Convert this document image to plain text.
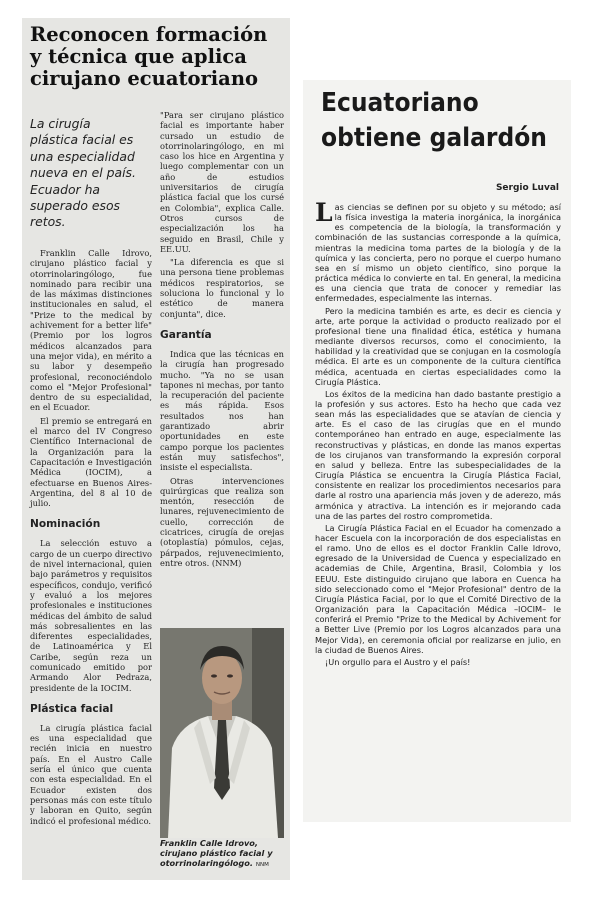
Reconocen formación
y técnica que aplica
cirujano ecuatoriano
La cirugía
plástica facial es
una especialidad
nueva en el país.
Ecuador ha
superado esos
retos.

Franklin Calle Idrovo, cirujano plástico facial y otorrinolaringólogo, fue nominado para recibir una de las máximas distinciones institucionales en salud, el "Prize to the medical by achivement for a better life" (Premio por los logros médicos alcanzados para una mejor vida), en mérito a su labor y desempeño profesional, reconociéndolo como el "Mejor Profesional" dentro de su especialidad, en el Ecuador.

El premio se entregará en el marco del IV Congreso Científico Internacional de la Organización para la Capacitación e Investigación Médica (IOCIM), a efectuarse en Buenos Aires- Argentina, del 8 al 10 de julio.

Nominación

La selección estuvo a cargo de un cuerpo directivo de nivel internacional, quien bajo parámetros y requisitos específicos, condujo, verificó y evaluó a los mejores profesionales e instituciones médicas del ámbito de salud más sobresalientes en las diferentes especialidades, de Latinoamérica y El Caribe, según reza un comunicado emitido por Armando Alor Pedraza, presidente de la IOCIM.

Plástica facial

La cirugía plástica facial es una especialidad que recién inicia en nuestro país. En el Austro Calle sería el único que cuenta con esta especialidad. En el Ecuador existen dos personas más con este título y laboran en Quito, según indicó el profesional médico.

"Para ser cirujano plástico facial es importante haber cursado un estudio de otorrinolaringólogo, en mi caso los hice en Argentina y luego complementar con un año de estudios universitarios de cirugía plástica facial que los cursé en Colombia", explica Calle. Otros cursos de especialización los ha seguido en Brasil, Chile y EE.UU.

"La diferencia es que si una persona tiene problemas médicos respiratorios, se soluciona lo funcional y lo estético de manera conjunta", dice.

Garantía

Indica que las técnicas en la cirugía han progresado mucho. "Ya no se usan tapones ni mechas, por tanto la recuperación del paciente es más rápida. Esos resultados nos han garantizado abrir oportunidades en este campo porque los pacientes están muy satisfechos", insiste el especialista.

Otras intervenciones quirúrgicas que realiza son mentón, resección de lunares, rejuvenecimiento de cuello, corrección de cicatrices, cirugía de orejas (otoplastía) pómulos, cejas, párpados, rejuvenecimiento, entre otros. (NNM)

Franklin Calle Idrovo,
cirujano plástico facial y
otorrinolaringólogo. NNM
Ecuatoriano
obtiene galardón
Sergio Luval

Las ciencias se definen por su objeto y su método; así la física investiga la materia inorgánica, la inorgánica es competencia de la biología, la transformación y combinación de las sustancias corresponde a la química, mientras la medicina toma partes de la biología y de la química y las concierta, pero no porque el cuerpo humano sea en sí mismo un objeto científico, sino porque la práctica médica lo convierte en tal. En general, la medicina es una ciencia que trata de conocer y remediar las enfermedades, especialmente las internas.

Pero la medicina también es arte, es decir es ciencia y arte, arte porque la actividad o producto realizado por el profesional tiene una finalidad ética, estética y humana mediante diversos recursos, como el conocimiento, la habilidad y la creatividad que se conjugan en la cosmología médica. El arte es un componente de la cultura científica médica, acentuada en ciertas especialidades como la Cirugía Plástica.

Los éxitos de la medicina han dado bastante prestigio a la profesión y sus actores. Esto ha hecho que cada vez sean más las especialidades que se atavían de ciencia y arte. Es el caso de las cirugías que en el mundo contemporáneo han entrado en auge, especialmente las reconstructivas y plásticas, en donde las manos expertas de los cirujanos van transformando la expresión corporal en salud y belleza. Entre las subespecialidades de la Cirugía Plástica se encuentra la Cirugía Plástica Facial, consistente en realizar los procedimientos necesarios para darle al rostro una apariencia más joven y de aderezo, más armónica y atractiva. La intención es ir mejorando cada una de las partes del rostro comprometida.

La Cirugía Plástica Facial en el Ecuador ha comenzado a hacer Escuela con la incorporación de dos especialistas en el ramo. Uno de ellos es el doctor Franklin Calle Idrovo, egresado de la Universidad de Cuenca y especializado en academias de Chile, Argentina, Brasil, Colombia y los EEUU. Este distinguido cirujano que labora en Cuenca ha sido seleccionado como el "Mejor Profesional" dentro de la Cirugía Plástica Facial, por lo que el Comité Directivo de la Organización para la Capacitación Médica –IOCIM– le conferirá el Premio "Prize to the Medical by Achivement for a Better Live (Premio por los Logros alcanzados para una Mejor Vida), en ceremonia oficial por realizarse en julio, en la ciudad de Buenos Aires.

¡Un orgullo para el Austro y el país!
